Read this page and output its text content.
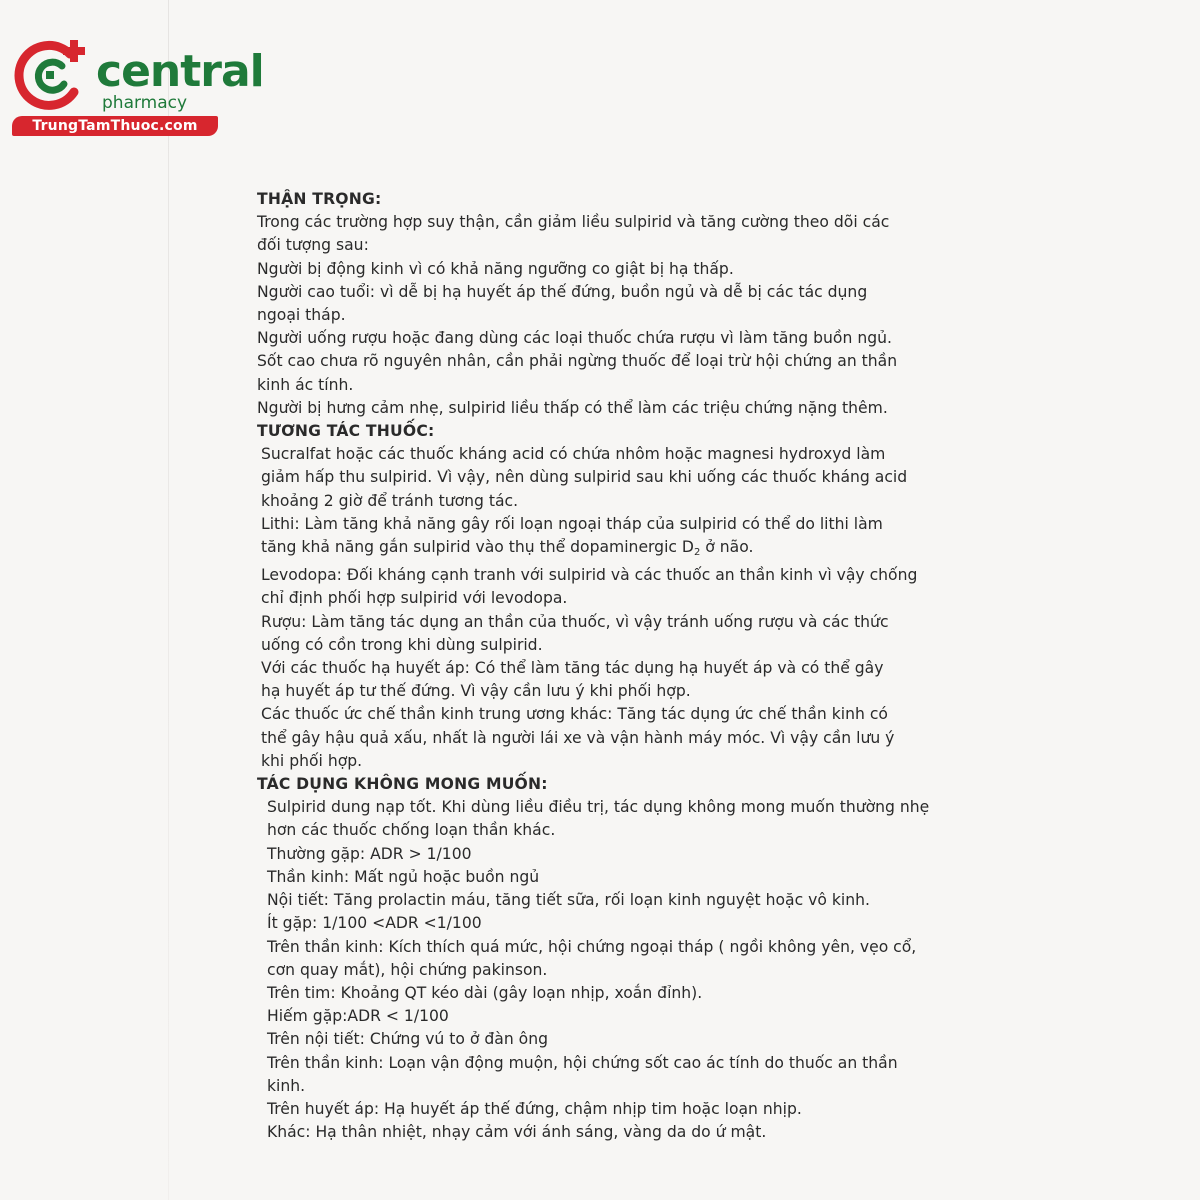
central
pharmacy
TrungTamThuoc.com
THẬN TRỌNG:
Trong các trường hợp suy thận, cần giảm liều sulpirid và tăng cường theo dõi các
đối tượng sau:
Người bị động kinh vì có khả năng ngưỡng co giật bị hạ thấp.
Người cao tuổi: vì dễ bị hạ huyết áp thế đứng, buồn ngủ và dễ bị các tác dụng
ngoại tháp.
Người uống rượu hoặc đang dùng các loại thuốc chứa rượu vì làm tăng buồn ngủ.
Sốt cao chưa rõ nguyên nhân, cần phải ngừng thuốc để loại trừ hội chứng an thần
kinh ác tính.
Người bị hưng cảm nhẹ, sulpirid liều thấp có thể làm các triệu chứng nặng thêm.
TƯƠNG TÁC THUỐC:
Sucralfat hoặc các thuốc kháng acid có chứa nhôm hoặc magnesi hydroxyd làm
giảm hấp thu sulpirid. Vì vậy, nên dùng sulpirid sau khi uống các thuốc kháng acid
khoảng 2 giờ để tránh tương tác.
Lithi: Làm tăng khả năng gây rối loạn ngoại tháp của sulpirid có thể do lithi làm
tăng khả năng gắn sulpirid vào thụ thể dopaminergic $D_2$ ở não.
Levodopa: Đối kháng cạnh tranh với sulpirid và các thuốc an thần kinh vì vậy chống
chỉ định phối hợp sulpirid với levodopa.
Rượu: Làm tăng tác dụng an thần của thuốc, vì vậy tránh uống rượu và các thức
uống có cồn trong khi dùng sulpirid.
Với các thuốc hạ huyết áp: Có thể làm tăng tác dụng hạ huyết áp và có thể gây
hạ huyết áp tư thế đứng. Vì vậy cần lưu ý khi phối hợp.
Các thuốc ức chế thần kinh trung ương khác: Tăng tác dụng ức chế thần kinh có
thể gây hậu quả xấu, nhất là người lái xe và vận hành máy móc. Vì vậy cần lưu ý
khi phối hợp.
TÁC DỤNG KHÔNG MONG MUỐN:
Sulpirid dung nạp tốt. Khi dùng liều điều trị, tác dụng không mong muốn thường nhẹ
hơn các thuốc chống loạn thần khác.
Thường gặp: ADR > 1/100
Thần kinh: Mất ngủ hoặc buồn ngủ
Nội tiết: Tăng prolactin máu, tăng tiết sữa, rối loạn kinh nguyệt hoặc vô kinh.
Ít gặp: 1/100 <ADR <1/100
Trên thần kinh: Kích thích quá mức, hội chứng ngoại tháp ( ngồi không yên, vẹo cổ,
cơn quay mắt), hội chứng pakinson.
Trên tim: Khoảng QT kéo dài (gây loạn nhịp, xoắn đỉnh).
Hiếm gặp:ADR < 1/100
Trên nội tiết: Chứng vú to ở đàn ông
Trên thần kinh: Loạn vận động muộn, hội chứng sốt cao ác tính do thuốc an thần
kinh.
Trên huyết áp: Hạ huyết áp thế đứng, chậm nhịp tim hoặc loạn nhịp.
Khác: Hạ thân nhiệt, nhạy cảm với ánh sáng, vàng da do ứ mật.
